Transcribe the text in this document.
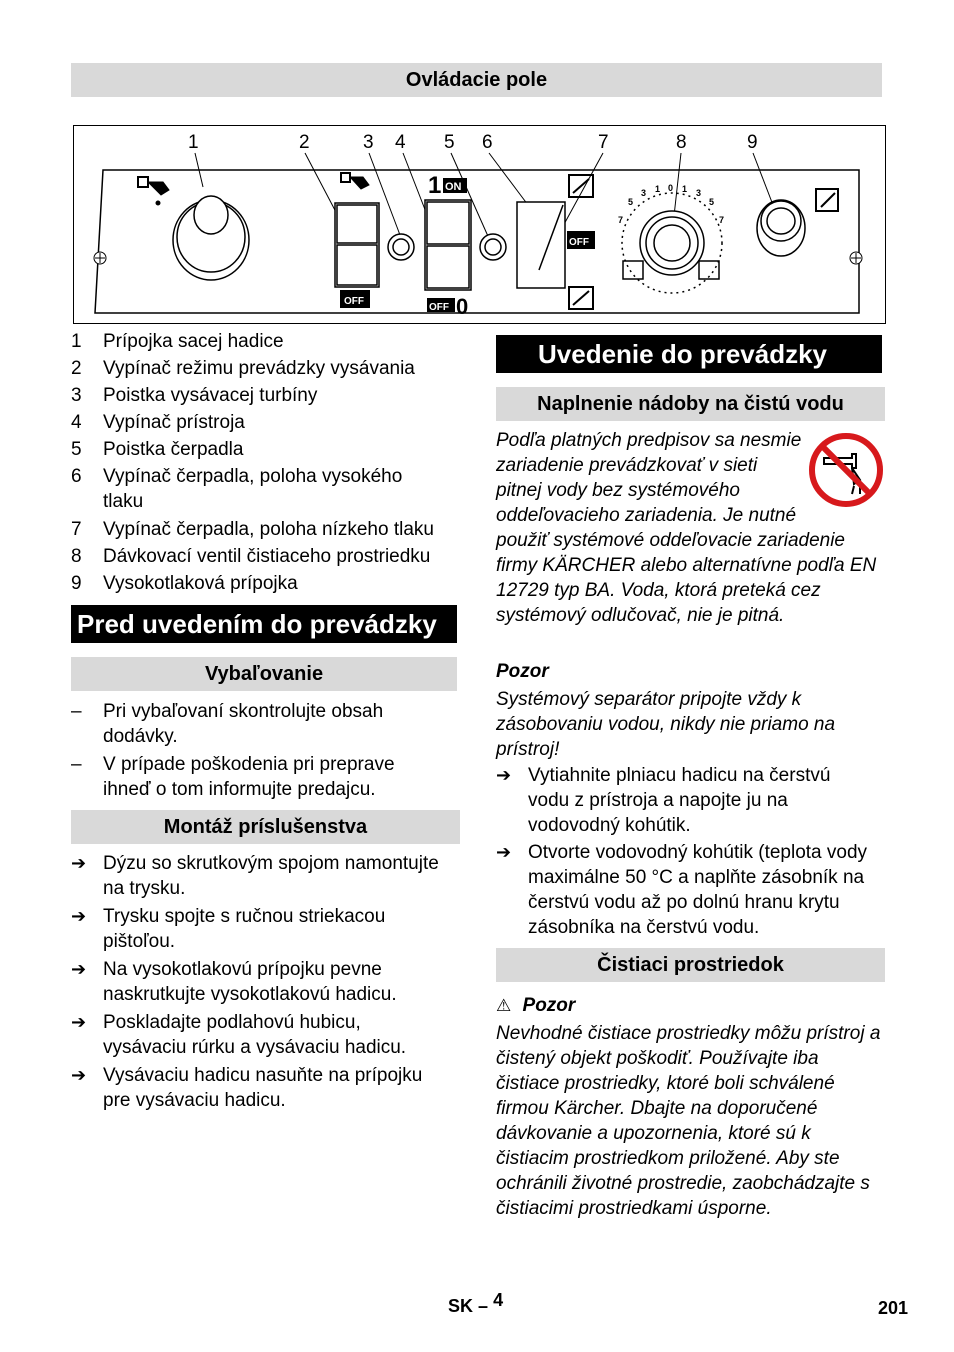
Ovládacie pole
1	2	3 4 5 6	7	8	9
OFF
1 ON
OFF 0
OFF
0
1
3
5
7
1 3
5
7
1	Prípojka sacej hadice
2	Vypínač režimu prevádzky vysávania
3	Poistka vysávacej turbíny
4	Vypínač prístroja
5	Poistka čerpadla
6	Vypínač čerpadla, poloha vysokého tlaku
7	Vypínač čerpadla, poloha nízkeho tlaku
8	Dávkovací ventil čistiaceho prostriedku
9	Vysokotlaková prípojka
Pred uvedením do prevádzky
Vybaľovanie
– Pri vybaľovaní skontrolujte obsah dodávky.
– V prípade poškodenia pri preprave ihneď o tom informujte predajcu.
Montáž príslušenstva
➔ Dýzu so skrutkovým spojom namontujte na trysku.
➔ Trysku spojte s ručnou striekacou pištoľou.
➔ Na vysokotlakovú prípojku pevne naskrutkujte vysokotlakovú hadicu.
➔ Poskladajte podlahovú hubicu, vysávaciu rúrku a vysávaciu hadicu.
➔ Vysávaciu hadicu nasuňte na prípojku pre vysávaciu hadicu.
Uvedenie do prevádzky
Naplnenie nádoby na čistú vodu
Podľa platných predpisov sa nesmie zariadenie prevádzkovať v sieti pitnej vody bez systémového oddeľovacieho zariadenia. Je nutné použiť systémové oddeľovacie zariadenie firmy KÄRCHER alebo alternatívne podľa EN 12729 typ BA. Voda, ktorá preteká cez systémový odlučovač, nie je pitná.
Pozor
Systémový separátor pripojte vždy k zásobovaniu vodou, nikdy nie priamo na prístroj!
➔ Vytiahnite plniacu hadicu na čerstvú vodu z prístroja a napojte ju na vodovodný kohútik.
➔ Otvorte vodovodný kohútik (teplota vody maximálne 50 °C a naplňte zásobník na čerstvú vodu až po dolnú hranu krytu zásobníka na čerstvú vodu.
Čistiaci prostriedok
⚠ Pozor
Nevhodné čistiace prostriedky môžu prístroj a čistený objekt poškodiť. Používajte iba čistiace prostriedky, ktoré boli schválené firmou Kärcher. Dbajte na doporučené dávkovanie a upozornenia, ktoré sú k čistiacim prostriedkom priložené. Aby ste ochránili životné prostredie, zaobchádzajte s čistiacimi prostriedkami úsporne.
SK – 4	201
